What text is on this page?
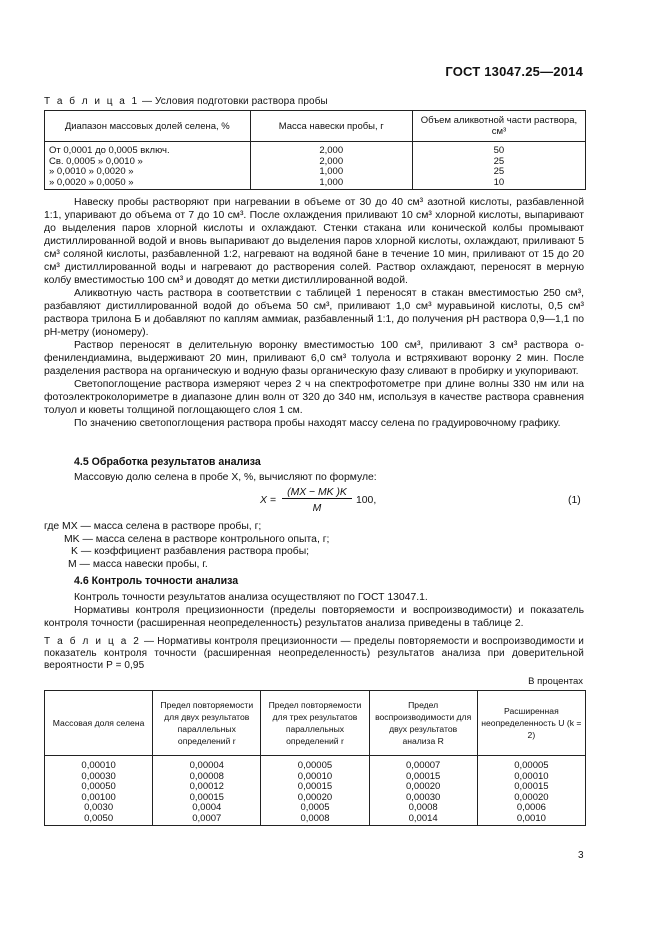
ГОСТ 13047.25—2014
Т а б л и ц а 1 — Условия подготовки раствора пробы
Диапазон массовых долей селена, %	Масса навески пробы, г	Объем аликвотной части раствора, см³
От 0,0001 до 0,0005 включ.	2,000	50
Св. 0,0005 » 0,0010 »	2,000	25
» 0,0010 » 0,0020 »	1,000	25
» 0,0020 » 0,0050 »	1,000	10

Навеску пробы растворяют при нагревании в объеме от 30 до 40 см³ азотной кислоты, разбавленной 1:1, упаривают до объема от 7 до 10 см³. После охлаждения приливают 10 см³ хлорной кислоты, выпаривают до выделения паров хлорной кислоты и охлаждают. Стенки стакана или конической колбы промывают дистиллированной водой и вновь выпаривают до выделения паров хлорной кислоты, охлаждают, приливают 5 см³ соляной кислоты, разбавленной 1:2, нагревают на водяной бане в течение 10 мин, приливают от 15 до 20 см³ дистиллированной воды и нагревают до растворения солей. Раствор охлаждают, переносят в мерную колбу вместимостью 100 см³ и доводят до метки дистиллированной водой.

Аликвотную часть раствора в соответствии с таблицей 1 переносят в стакан вместимостью 250 см³, разбавляют дистиллированной водой до объема 50 см³, приливают 1,0 см³ муравьиной кислоты, 0,5 см³ раствора трилона Б и добавляют по каплям аммиак, разбавленный 1:1, до получения pH раствора 0,9—1,1 по pH-метру (иономеру).

Раствор переносят в делительную воронку вместимостью 100 см³, приливают 3 см³ раствора о-фенилендиамина, выдерживают 20 мин, приливают 6,0 см³ толуола и встряхивают воронку 2 мин. После разделения раствора на органическую и водную фазы органическую фазу сливают в пробирку и укупоривают.

Светопоглощение раствора измеряют через 2 ч на спектрофотометре при длине волны 330 нм или на фотоэлектроколориметре в диапазоне длин волн от 320 до 340 нм, используя в качестве раствора сравнения толуол и кюветы толщиной поглощающего слоя 1 см.

По значению светопоглощения раствора пробы находят массу селена по градуировочному графику.

4.5 Обработка результатов анализа
Массовую долю селена в пробе X, %, вычисляют по формуле:
X =
(MX − MK )K
M
100,	(1)
где MX — масса селена в растворе пробы, г;
MK — масса селена в растворе контрольного опыта, г;
K — коэффициент разбавления раствора пробы;
M — масса навески пробы, г.
4.6 Контроль точности анализа

Контроль точности результатов анализа осуществляют по ГОСТ 13047.1.

Нормативы контроля прецизионности (пределы повторяемости и воспроизводимости) и показатель контроля точности (расширенная неопределенность) результатов анализа приведены в таблице 2.

Т а б л и ц а 2 — Нормативы контроля прецизионности — пределы повторяемости и воспроизводимости и показатель контроля точности (расширенная неопределенность) результатов анализа при доверительной вероятности P = 0,95
В процентах
Массовая доля селена	Предел повторяемости для двух результатов параллельных определений r	Предел повторяемости для трех результатов параллельных определений r	Предел воспроизводимости для двух результатов анализа R	Расширенная неопределенность U (k = 2)
0,00010	0,00004	0,00005	0,00007	0,00005
0,00030	0,00008	0,00010	0,00015	0,00010
0,00050	0,00012	0,00015	0,00020	0,00015
0,00100	0,00015	0,00020	0,00030	0,00020
0,0030	0,0004	0,0005	0,0008	0,0006
0,0050	0,0007	0,0008	0,0014	0,0010
3
